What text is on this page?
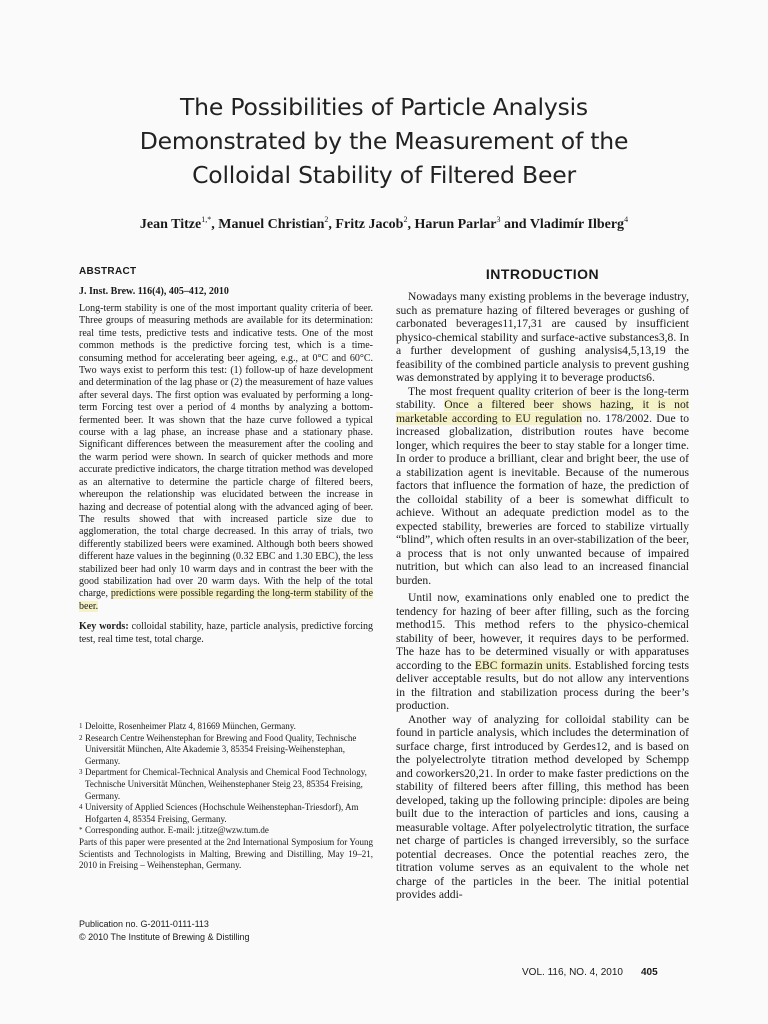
The Possibilities of Particle Analysis
Demonstrated by the Measurement of the
Colloidal Stability of Filtered Beer
Jean Titze$^{1,*}$, Manuel Christian$^2$, Fritz Jacob$^2$, Harun Parlar$^3$ and Vladimír Ilberg$^4$
ABSTRACT
J. Inst. Brew. 116(4), 405–412, 2010

Long-term stability is one of the most important quality criteria of beer. Three groups of measuring methods are available for its determination: real time tests, predictive tests and indicative tests. One of the most common methods is the predictive forcing test, which is a time-consuming method for accelerating beer ageing, e.g., at 0°C and 60°C. Two ways exist to perform this test: (1) follow-up of haze development and determination of the lag phase or (2) the measurement of haze values after several days. The first option was evaluated by performing a long-term Forcing test over a period of 4 months by analyzing a bottom-fermented beer. It was shown that the haze curve followed a typical course with a lag phase, an increase phase and a stationary phase. Significant differences between the measurement after the cooling and the warm period were shown. In search of quicker methods and more accurate predictive indicators, the charge titration method was developed as an alternative to determine the particle charge of filtered beers, whereupon the relationship was elucidated between the increase in hazing and decrease of potential along with the advanced aging of beer. The results showed that with increased particle size due to agglomeration, the total charge decreased. In this array of trials, two differently stabilized beers were examined. Although both beers showed different haze values in the beginning (0.32 EBC and 1.30 EBC), the less stabilized beer had only 10 warm days and in contrast the beer with the good stabilization had over 20 warm days. With the help of the total charge, predictions were possible regarding the long-term stability of the beer.

Key words: colloidal stability, haze, particle analysis, predictive forcing test, real time test, total charge.

1 Deloitte, Rosenheimer Platz 4, 81669 München, Germany.
2 Research Centre Weihenstephan for Brewing and Food Quality, Technische Universität München, Alte Akademie 3, 85354 Freising-Weihenstephan, Germany.
3 Department for Chemical-Technical Analysis and Chemical Food Technology, Technische Universität München, Weihenstephaner Steig 23, 85354 Freising, Germany.
4 University of Applied Sciences (Hochschule Weihenstephan-Triesdorf), Am Hofgarten 4, 85354 Freising, Germany.
* Corresponding author. E-mail: j.titze@wzw.tum.de
Parts of this paper were presented at the 2nd International Symposium for Young Scientists and Technologists in Malting, Brewing and Distilling, May 19–21, 2010 in Freising – Weihenstephan, Germany.
Publication no. G-2011-0111-113
© 2010 The Institute of Brewing & Distilling
INTRODUCTION

Nowadays many existing problems in the beverage industry, such as premature hazing of filtered beverages or gushing of carbonated beverages11,17,31 are caused by insufficient physico-chemical stability and surface-active substances3,8. In a further development of gushing analysis4,5,13,19 the feasibility of the combined particle analysis to prevent gushing was demonstrated by applying it to beverage products6.

The most frequent quality criterion of beer is the long-term stability. Once a filtered beer shows hazing, it is not marketable according to EU regulation no. 178/2002. Due to increased globalization, distribution routes have become longer, which requires the beer to stay stable for a longer time. In order to produce a brilliant, clear and bright beer, the use of a stabilization agent is inevitable. Because of the numerous factors that influence the formation of haze, the prediction of the colloidal stability of a beer is somewhat difficult to achieve. Without an adequate prediction model as to the expected stability, breweries are forced to stabilize virtually “blind”, which often results in an over-stabilization of the beer, a process that is not only unwanted because of impaired nutrition, but which can also lead to an increased financial burden.

Until now, examinations only enabled one to predict the tendency for hazing of beer after filling, such as the forcing method15. This method refers to the physico-chemical stability of beer, however, it requires days to be performed. The haze has to be determined visually or with apparatuses according to the EBC formazin units. Established forcing tests deliver acceptable results, but do not allow any interventions in the filtration and stabilization process during the beer’s production.

Another way of analyzing for colloidal stability can be found in particle analysis, which includes the determination of surface charge, first introduced by Gerdes12, and is based on the polyelectrolyte titration method developed by Schempp and coworkers20,21. In order to make faster predictions on the stability of filtered beers after filling, this method has been developed, taking up the following principle: dipoles are being built due to the interaction of particles and ions, causing a measurable voltage. After polyelectrolytic titration, the surface net charge of particles is changed irreversibly, so the surface potential decreases. Once the potential reaches zero, the titration volume serves as an equivalent to the whole net charge of the particles in the beer. The initial potential provides addi-

VOL. 116, NO. 4, 2010 405
